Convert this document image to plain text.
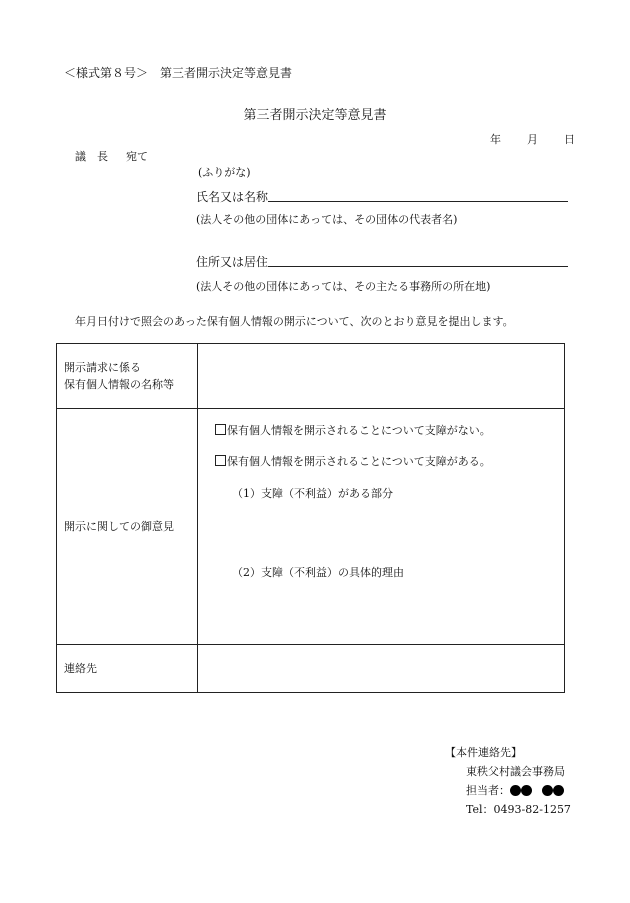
＜様式第８号＞ 第三者開示決定等意見書
第三者開示決定等意見書
年 月 日
議　長 宛て
(ふりがな)
氏名又は名称
(法人その他の団体にあっては、その団体の代表者名)
住所又は居住
(法人その他の団体にあっては、その主たる事務所の所在地)
年月日付けで照会のあった保有個人情報の開示について、次のとおり意見を提出します。
開示請求に係る
保有個人情報の名称等	

開示に関しての御意見	保有個人情報を開示されることについて支障がない。
保有個人情報を開示されることについて支障がある。
（1）支障（不利益）がある部分
（2）支障（不利益）の具体的理由

連絡先	
【本件連絡先】
東秩父村議会事務局
担当者：
Tel：0493-82-1257
